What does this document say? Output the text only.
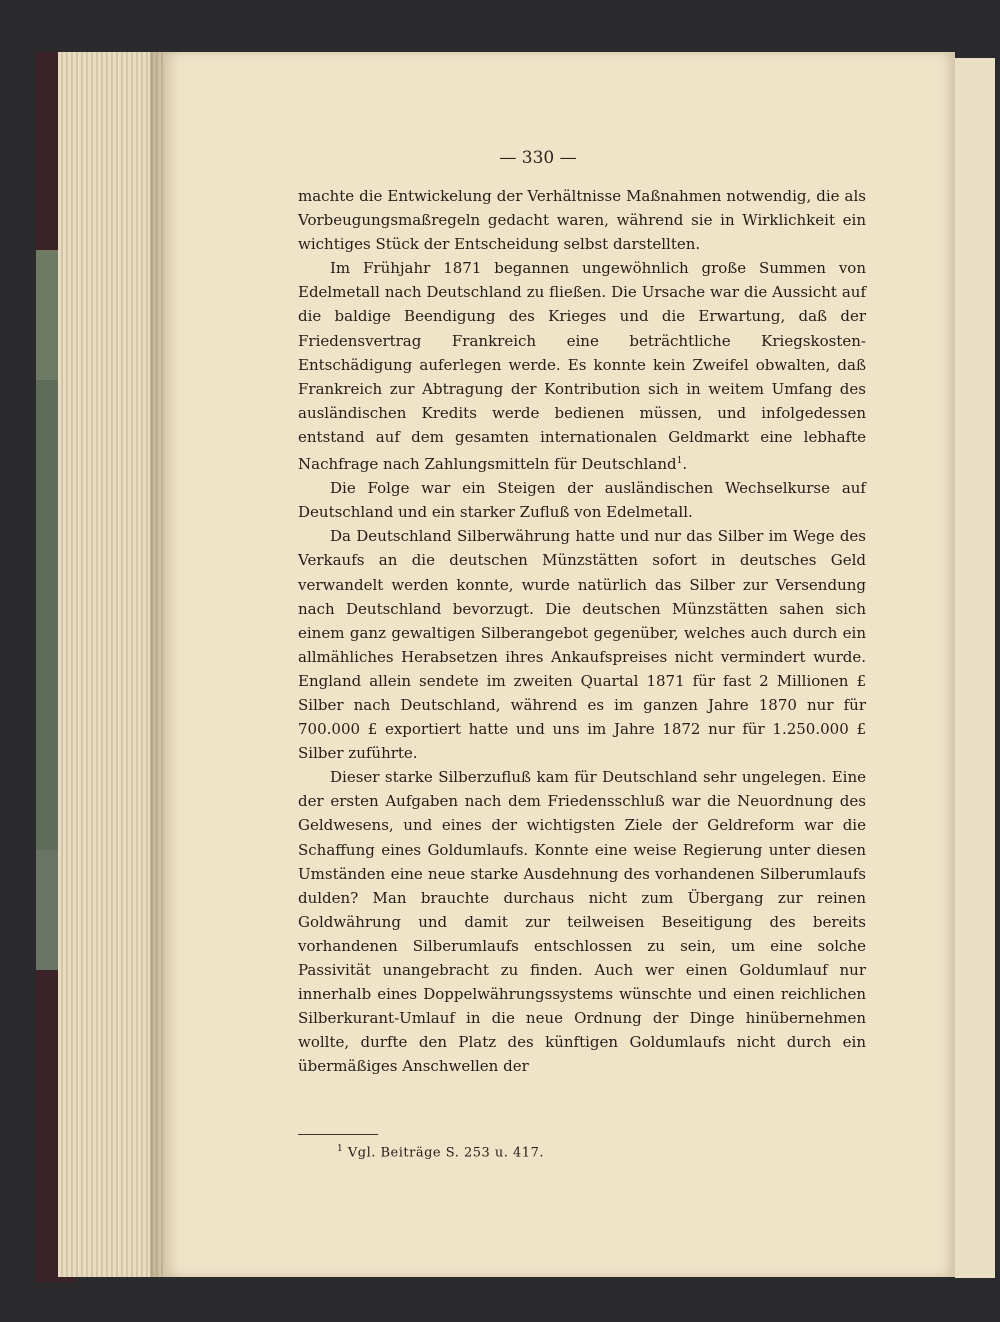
— 330 —

machte die Entwickelung der Verhältnisse Maßnahmen notwendig, die als Vorbeugungsmaßregeln gedacht waren, während sie in Wirklichkeit ein wichtiges Stück der Entscheidung selbst darstellten.

Im Frühjahr 1871 begannen ungewöhnlich große Summen von Edelmetall nach Deutschland zu fließen. Die Ursache war die Aussicht auf die baldige Beendigung des Krieges und die Erwartung, daß der Friedensvertrag Frankreich eine beträchtliche Kriegskosten-Entschädigung auferlegen werde. Es konnte kein Zweifel obwalten, daß Frankreich zur Abtragung der Kontribution sich in weitem Umfang des ausländischen Kredits werde bedienen müssen, und infolgedessen entstand auf dem gesamten internationalen Geldmarkt eine lebhafte Nachfrage nach Zahlungsmitteln für Deutschland$^1$.

Die Folge war ein Steigen der ausländischen Wechselkurse auf Deutschland und ein starker Zufluß von Edelmetall.

Da Deutschland Silberwährung hatte und nur das Silber im Wege des Verkaufs an die deutschen Münzstätten sofort in deutsches Geld verwandelt werden konnte, wurde natürlich das Silber zur Versendung nach Deutschland bevorzugt. Die deutschen Münzstätten sahen sich einem ganz gewaltigen Silberangebot gegenüber, welches auch durch ein allmähliches Herabsetzen ihres Ankaufspreises nicht vermindert wurde. England allein sendete im zweiten Quartal 1871 für fast 2 Millionen £ Silber nach Deutschland, während es im ganzen Jahre 1870 nur für 700.000 £ exportiert hatte und uns im Jahre 1872 nur für 1.250.000 £ Silber zuführte.

Dieser starke Silberzufluß kam für Deutschland sehr ungelegen. Eine der ersten Aufgaben nach dem Friedensschluß war die Neuordnung des Geldwesens, und eines der wichtigsten Ziele der Geldreform war die Schaffung eines Goldumlaufs. Konnte eine weise Regierung unter diesen Umständen eine neue starke Ausdehnung des vorhandenen Silberumlaufs dulden? Man brauchte durchaus nicht zum Übergang zur reinen Goldwährung und damit zur teilweisen Beseitigung des bereits vorhandenen Silberumlaufs entschlossen zu sein, um eine solche Passivität unangebracht zu finden. Auch wer einen Goldumlauf nur innerhalb eines Doppelwährungssystems wünschte und einen reichlichen Silberkurant-Umlauf in die neue Ordnung der Dinge hinübernehmen wollte, durfte den Platz des künftigen Goldumlaufs nicht durch ein übermäßiges Anschwellen der

$^1$ Vgl. Beiträge S. 253 u. 417.
